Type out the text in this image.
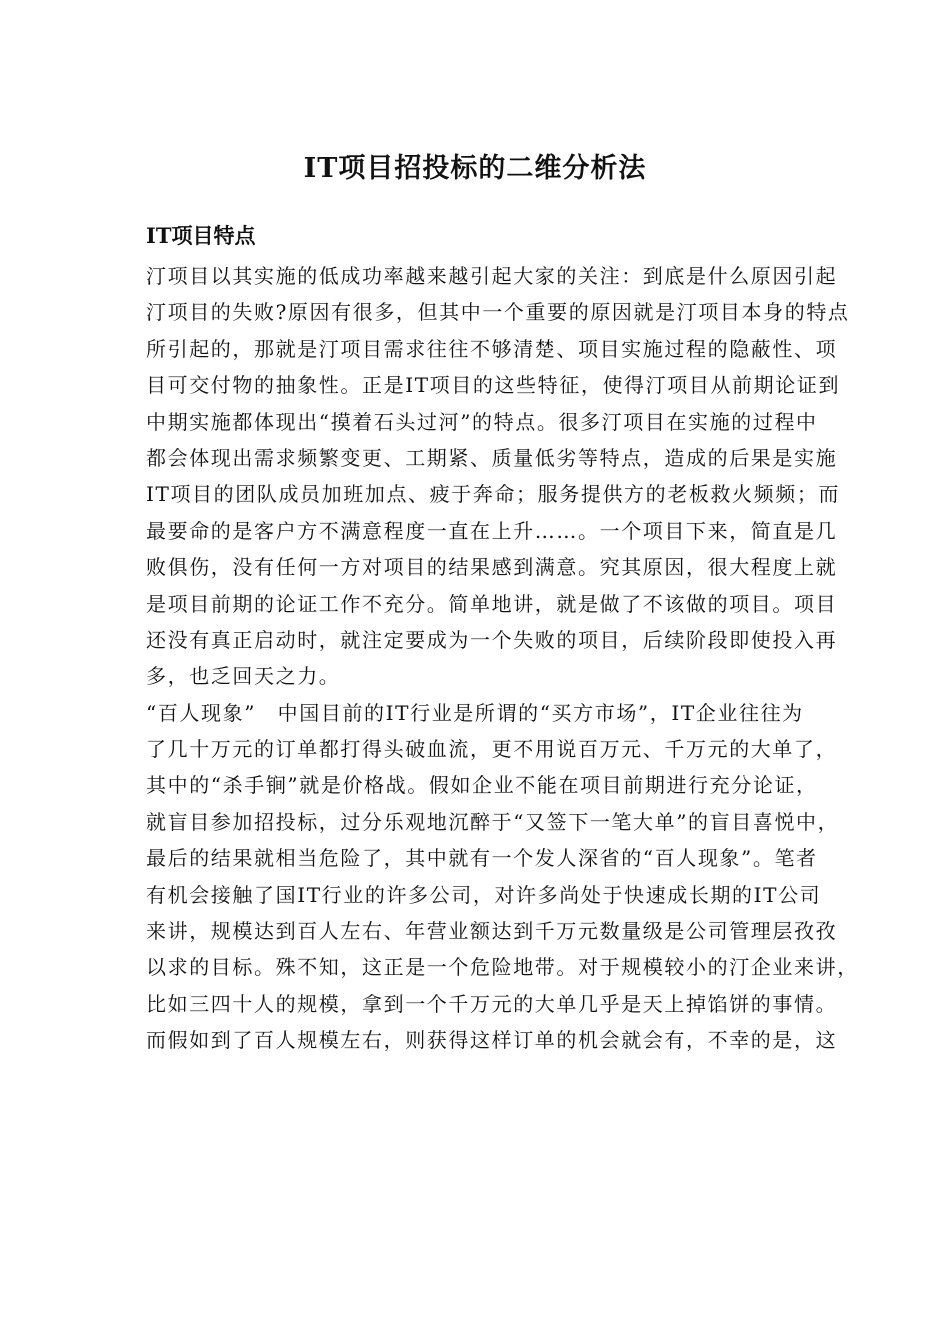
IT项目招投标的二维分析法
IT项目特点
汀项目以其实施的低成功率越来越引起大家的关注：到底是什么原因引起
汀项目的失败?原因有很多，但其中一个重要的原因就是汀项目本身的特点
所引起的，那就是汀项目需求往往不够清楚、项目实施过程的隐蔽性、项
目可交付物的抽象性。正是IT项目的这些特征，使得汀项目从前期论证到
中期实施都体现出“摸着石头过河”的特点。很多汀项目在实施的过程中
都会体现出需求频繁变更、工期紧、质量低劣等特点，造成的后果是实施
IT项目的团队成员加班加点、疲于奔命；服务提供方的老板救火频频；而
最要命的是客户方不满意程度一直在上升……。一个项目下来，简直是几
败俱伤，没有任何一方对项目的结果感到满意。究其原因，很大程度上就
是项目前期的论证工作不充分。简单地讲，就是做了不该做的项目。项目
还没有真正启动时，就注定要成为一个失败的项目，后续阶段即使投入再
多，也乏回天之力。
“百人现象”　中国目前的IT行业是所谓的“买方市场”，IT企业往往为
了几十万元的订单都打得头破血流，更不用说百万元、千万元的大单了，
其中的“杀手锏”就是价格战。假如企业不能在项目前期进行充分论证，
就盲目参加招投标，过分乐观地沉醉于“又签下一笔大单”的盲目喜悦中，
最后的结果就相当危险了，其中就有一个发人深省的“百人现象”。笔者
有机会接触了国IT行业的许多公司，对许多尚处于快速成长期的IT公司
来讲，规模达到百人左右、年营业额达到千万元数量级是公司管理层孜孜
以求的目标。殊不知，这正是一个危险地带。对于规模较小的汀企业来讲，
比如三四十人的规模，拿到一个千万元的大单几乎是天上掉馅饼的事情。
而假如到了百人规模左右，则获得这样订单的机会就会有，不幸的是，这
